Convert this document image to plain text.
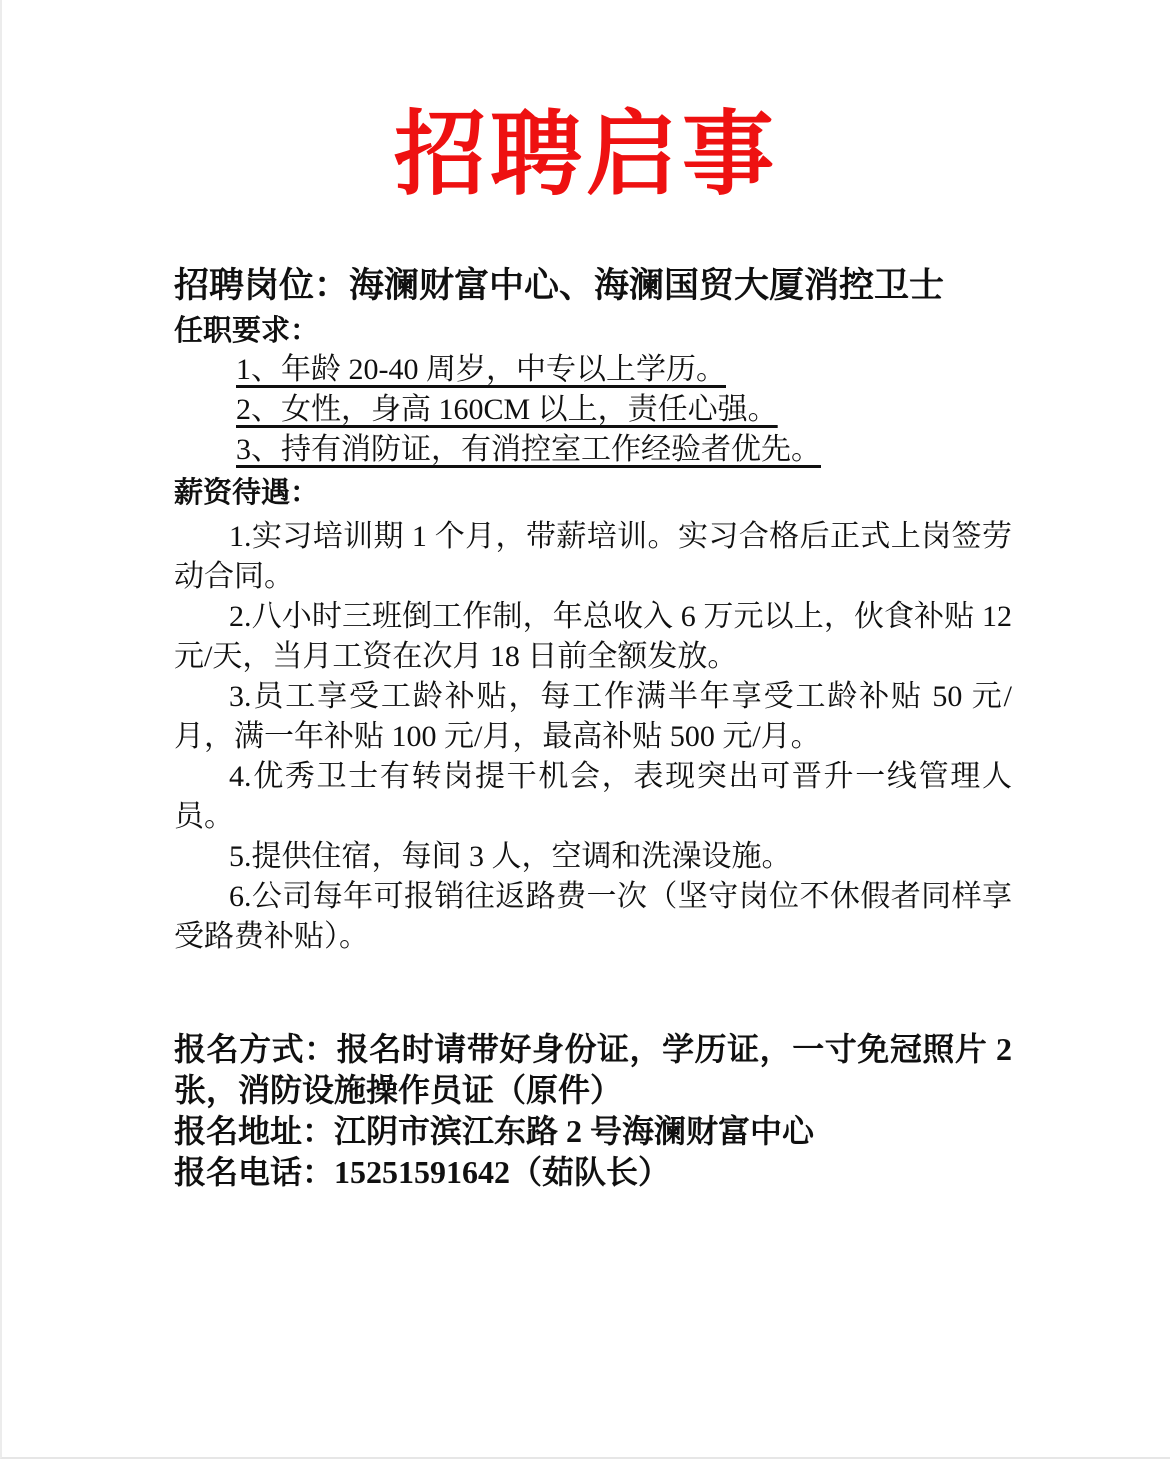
招聘启事

招聘岗位：海澜财富中心、海澜国贸大厦消控卫士

任职要求：

1、年龄 20-40 周岁，中专以上学历。

2、女性，身高 160CM 以上，责任心强。

3、持有消防证，有消控室工作经验者优先。

薪资待遇：

1.实习培训期 1 个月，带薪培训。实习合格后正式上岗签劳动合同。

2.八小时三班倒工作制，年总收入 6 万元以上，伙食补贴 12 元/天，当月工资在次月 18 日前全额发放。

3.员工享受工龄补贴，每工作满半年享受工龄补贴 50 元/月，满一年补贴 100 元/月，最高补贴 500 元/月。

4.优秀卫士有转岗提干机会，表现突出可晋升一线管理人员。

5.提供住宿，每间 3 人，空调和洗澡设施。

6.公司每年可报销往返路费一次（坚守岗位不休假者同样享受路费补贴）。

报名方式：报名时请带好身份证，学历证，一寸免冠照片 2 张，消防设施操作员证（原件）

报名地址：江阴市滨江东路 2 号海澜财富中心

报名电话：15251591642（茹队长）
